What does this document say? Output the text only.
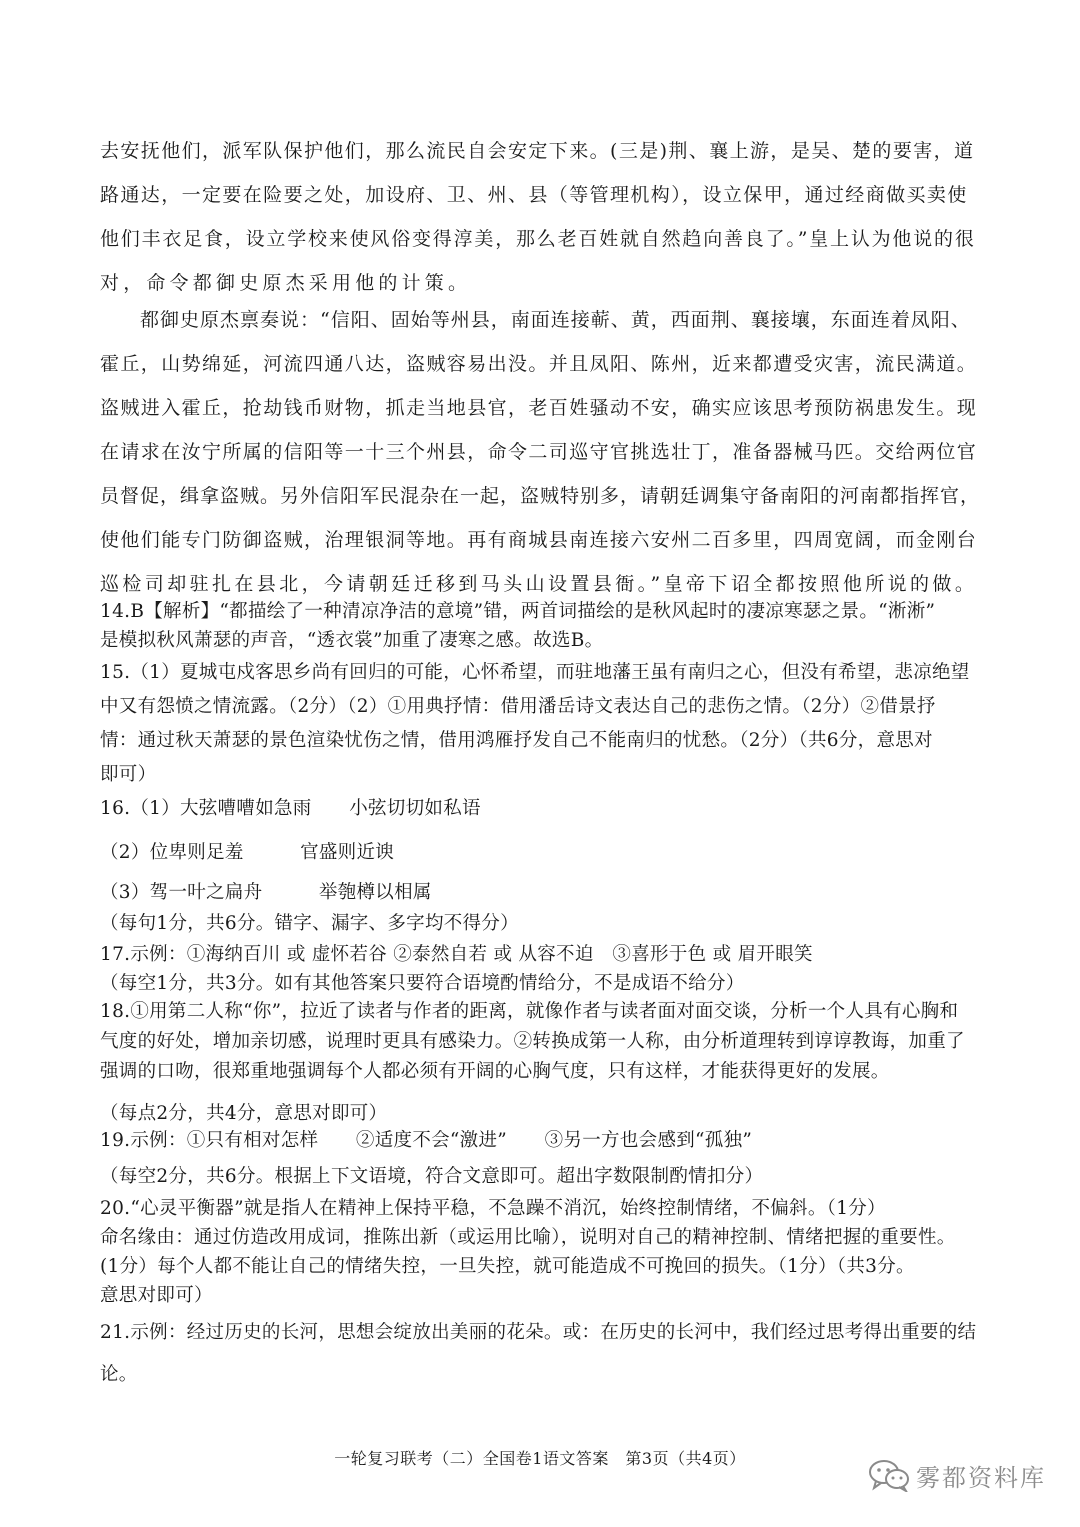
去安抚他们，派军队保护他们，那么流民自会安定下来。(三是)荆、襄上游，是吴、楚的要害，道
路通达，一定要在险要之处，加设府、卫、州、县（等管理机构），设立保甲，通过经商做买卖使
他们丰衣足食，设立学校来使风俗变得淳美，那么老百姓就自然趋向善良了。”皇上认为他说的很
对，命令都御史原杰采用他的计策。
　　都御史原杰禀奏说：“信阳、固始等州县，南面连接蕲、黄，西面荆、襄接壤，东面连着凤阳、
霍丘，山势绵延，河流四通八达，盗贼容易出没。并且凤阳、陈州，近来都遭受灾害，流民满道。
盗贼进入霍丘，抢劫钱币财物，抓走当地县官，老百姓骚动不安，确实应该思考预防祸患发生。现
在请求在汝宁所属的信阳等一十三个州县，命令二司巡守官挑选壮丁，准备器械马匹。交给两位官
员督促，缉拿盗贼。另外信阳军民混杂在一起，盗贼特别多，请朝廷调集守备南阳的河南都指挥官，
使他们能专门防御盗贼，治理银洞等地。再有商城县南连接六安州二百多里，四周宽阔，而金刚台
巡检司却驻扎在县北，今请朝廷迁移到马头山设置县衙。”皇帝下诏全都按照他所说的做。
14.B【解析】“都描绘了一种清凉净洁的意境”错，两首词描绘的是秋风起时的凄凉寒瑟之景。“淅淅”
是模拟秋风萧瑟的声音，“透衣裳”加重了凄寒之感。故选B。
15.（1）夏城屯戍客思乡尚有回归的可能，心怀希望，而驻地藩王虽有南归之心，但没有希望，悲凉绝望
中又有怨愤之情流露。（2分）（2）①用典抒情：借用潘岳诗文表达自己的悲伤之情。（2分）②借景抒
情：通过秋天萧瑟的景色渲染忧伤之情，借用鸿雁抒发自己不能南归的忧愁。（2分）（共6分，意思对
即可）
16.（1）大弦嘈嘈如急雨　　小弦切切如私语
（2）位卑则足羞　　　官盛则近谀
（3）驾一叶之扁舟　　　举匏樽以相属
（每句1分，共6分。错字、漏字、多字均不得分）
17.示例：①海纳百川 或 虚怀若谷 ②泰然自若 或 从容不迫　③喜形于色 或 眉开眼笑
（每空1分，共3分。如有其他答案只要符合语境酌情给分，不是成语不给分）
18.①用第二人称“你”，拉近了读者与作者的距离，就像作者与读者面对面交谈，分析一个人具有心胸和
气度的好处，增加亲切感，说理时更具有感染力。②转换成第一人称，由分析道理转到谆谆教诲，加重了
强调的口吻，很郑重地强调每个人都必须有开阔的心胸气度，只有这样，才能获得更好的发展。
（每点2分，共4分，意思对即可）
19.示例：①只有相对怎样　　②适度不会“激进”　　③另一方也会感到“孤独”
（每空2分，共6分。根据上下文语境，符合文意即可。超出字数限制酌情扣分）
20.“心灵平衡器”就是指人在精神上保持平稳，不急躁不消沉，始终控制情绪，不偏斜。（1分）
命名缘由：通过仿造改用成词，推陈出新（或运用比喻），说明对自己的精神控制、情绪把握的重要性。
(1分）每个人都不能让自己的情绪失控，一旦失控，就可能造成不可挽回的损失。（1分）（共3分。
意思对即可）
21.示例：经过历史的长河，思想会绽放出美丽的花朵。或：在历史的长河中，我们经过思考得出重要的结
论。
一轮复习联考（二）全国卷1语文答案　第3页（共4页）
雾都资料库
